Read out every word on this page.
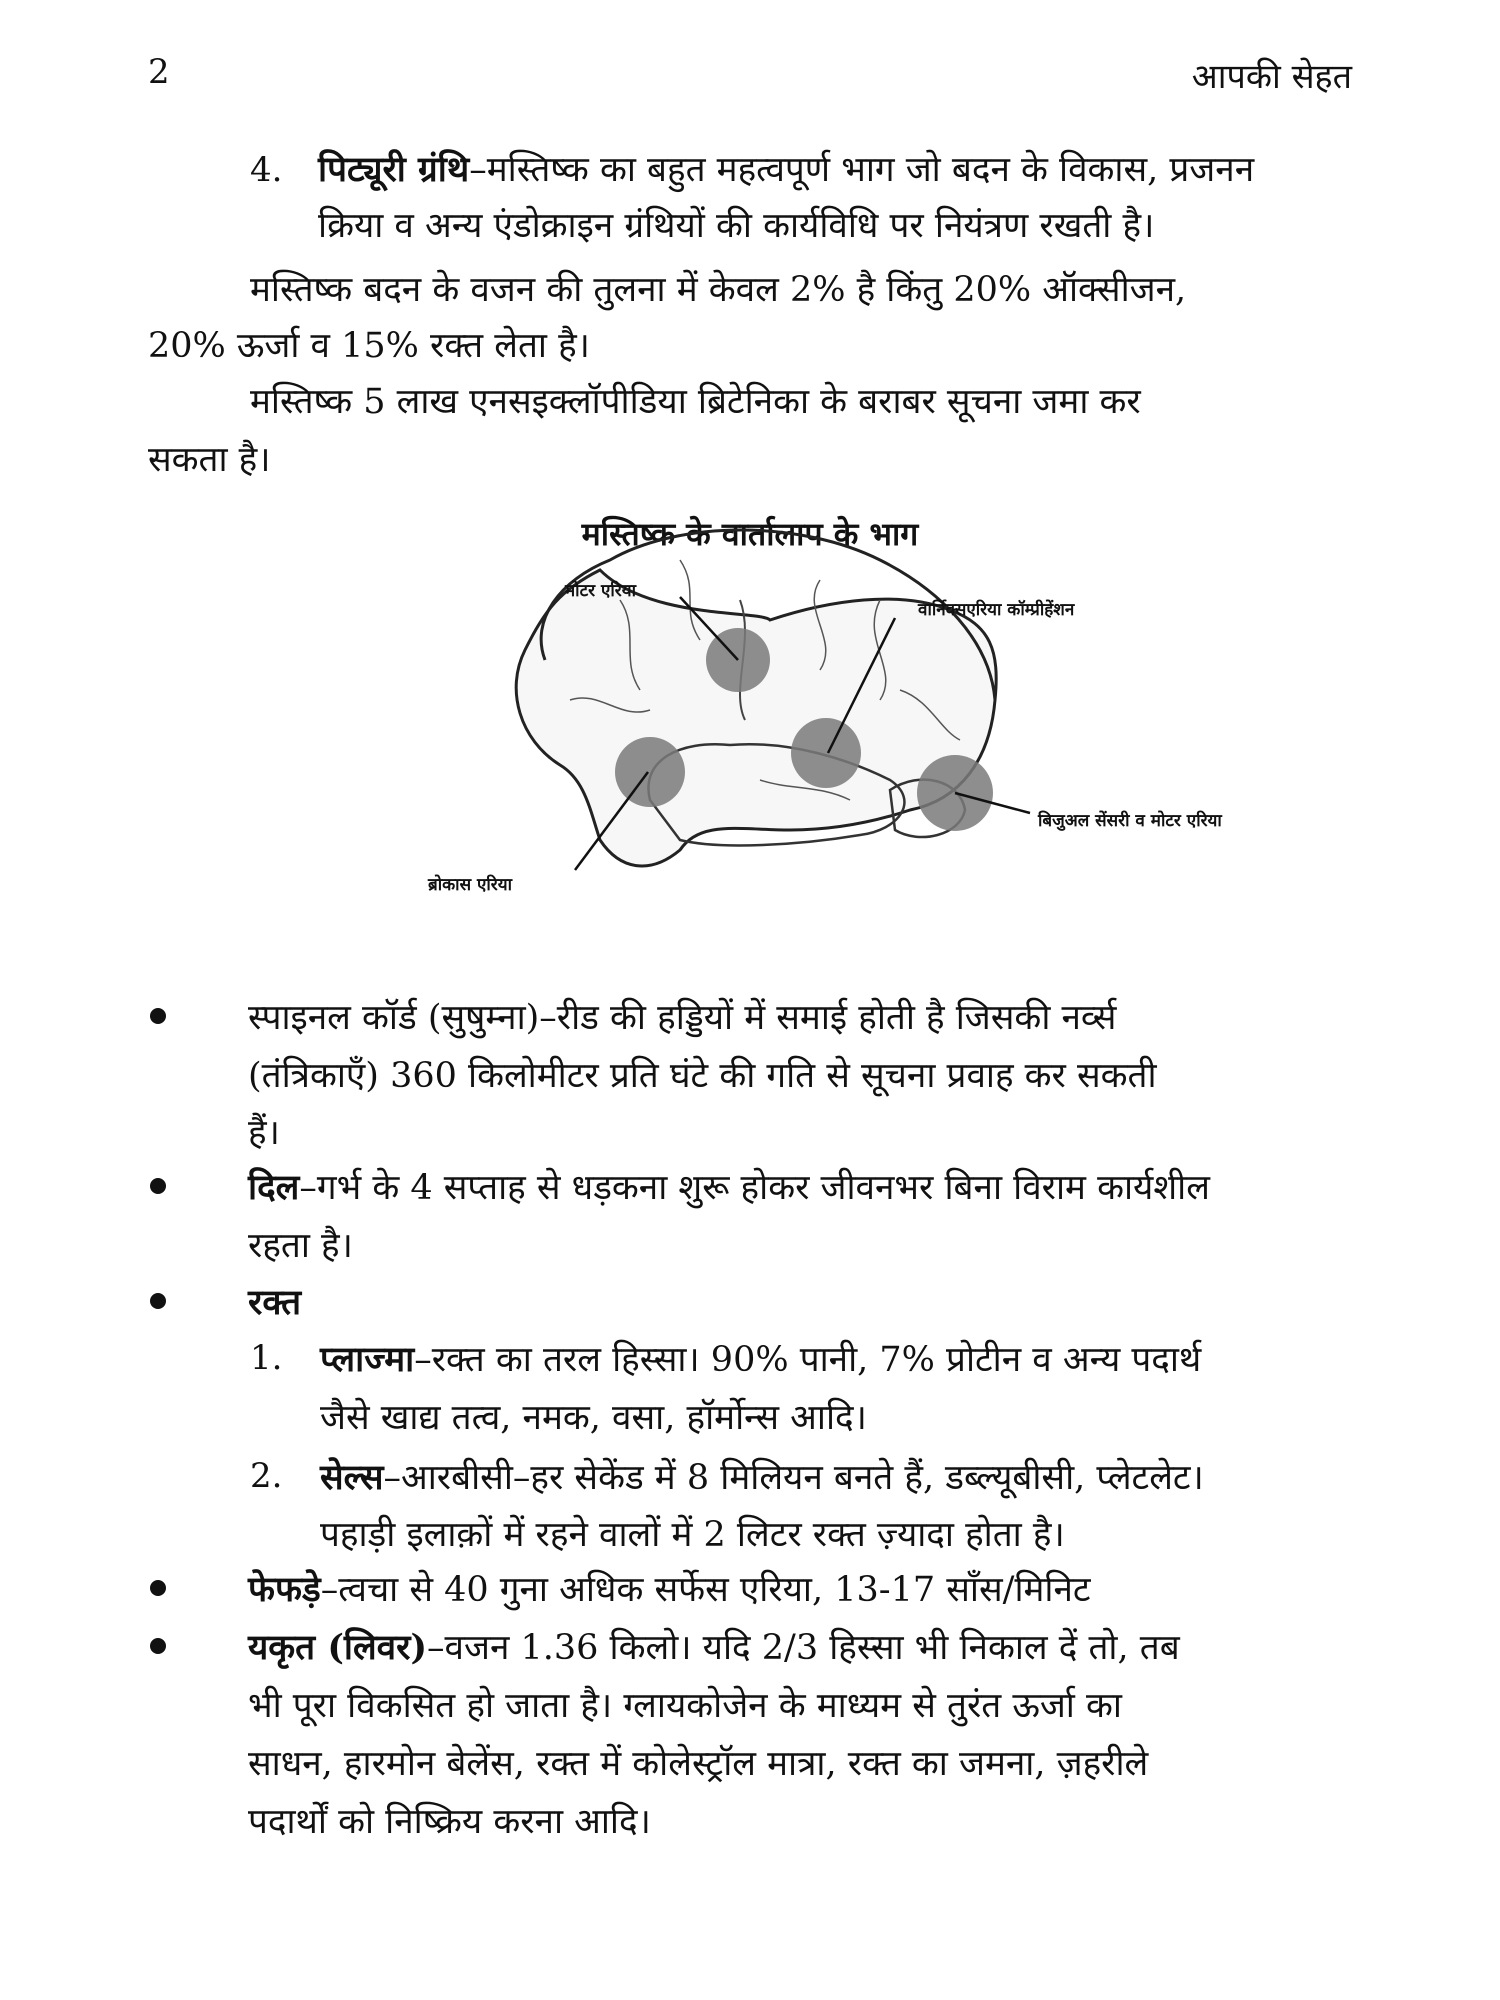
2	आपकी सेहत
4. पिट्यूरी ग्रंथि–मस्तिष्क का बहुत महत्वपूर्ण भाग जो बदन के विकास, प्रजनन
क्रिया व अन्य एंडोक्राइन ग्रंथियों की कार्यविधि पर नियंत्रण रखती है।
मस्तिष्क बदन के वजन की तुलना में केवल 2% है किंतु 20% ऑक्सीजन,
20% ऊर्जा व 15% रक्त लेता है।
मस्तिष्क 5 लाख एनसइक्लॉपीडिया ब्रिटेनिका के बराबर सूचना जमा कर
सकता है।
मस्तिष्क के वार्तालाप के भाग
मोटर एरिया
वार्निक्सएरिया कॉम्प्रीहेंशन
बिजुअल सेंसरी व मोटर एरिया
ब्रोकास एरिया
स्पाइनल कॉर्ड (सुषुम्ना)–रीड की हड्डियों में समाई होती है जिसकी नर्व्स
(तंत्रिकाएँ) 360 किलोमीटर प्रति घंटे की गति से सूचना प्रवाह कर सकती
हैं।
दिल–गर्भ के 4 सप्ताह से धड़कना शुरू होकर जीवनभर बिना विराम कार्यशील
रहता है।
रक्त
1. प्लाज्मा–रक्त का तरल हिस्सा। 90% पानी, 7% प्रोटीन व अन्य पदार्थ
जैसे खाद्य तत्व, नमक, वसा, हॉर्मोन्स आदि।
2. सेल्स–आरबीसी–हर सेकेंड में 8 मिलियन बनते हैं, डब्ल्यूबीसी, प्लेटलेट।
पहाड़ी इलाक़ों में रहने वालों में 2 लिटर रक्त ज़्यादा होता है।
फेफड़े–त्वचा से 40 गुना अधिक सर्फेस एरिया, 13-17 साँस/मिनिट
यकृत (लिवर)–वजन 1.36 किलो। यदि 2/3 हिस्सा भी निकाल दें तो, तब
भी पूरा विकसित हो जाता है। ग्लायकोजेन के माध्यम से तुरंत ऊर्जा का
साधन, हारमोन बेलेंस, रक्त में कोलेस्ट्रॉल मात्रा, रक्त का जमना, ज़हरीले
पदार्थों को निष्क्रिय करना आदि।
